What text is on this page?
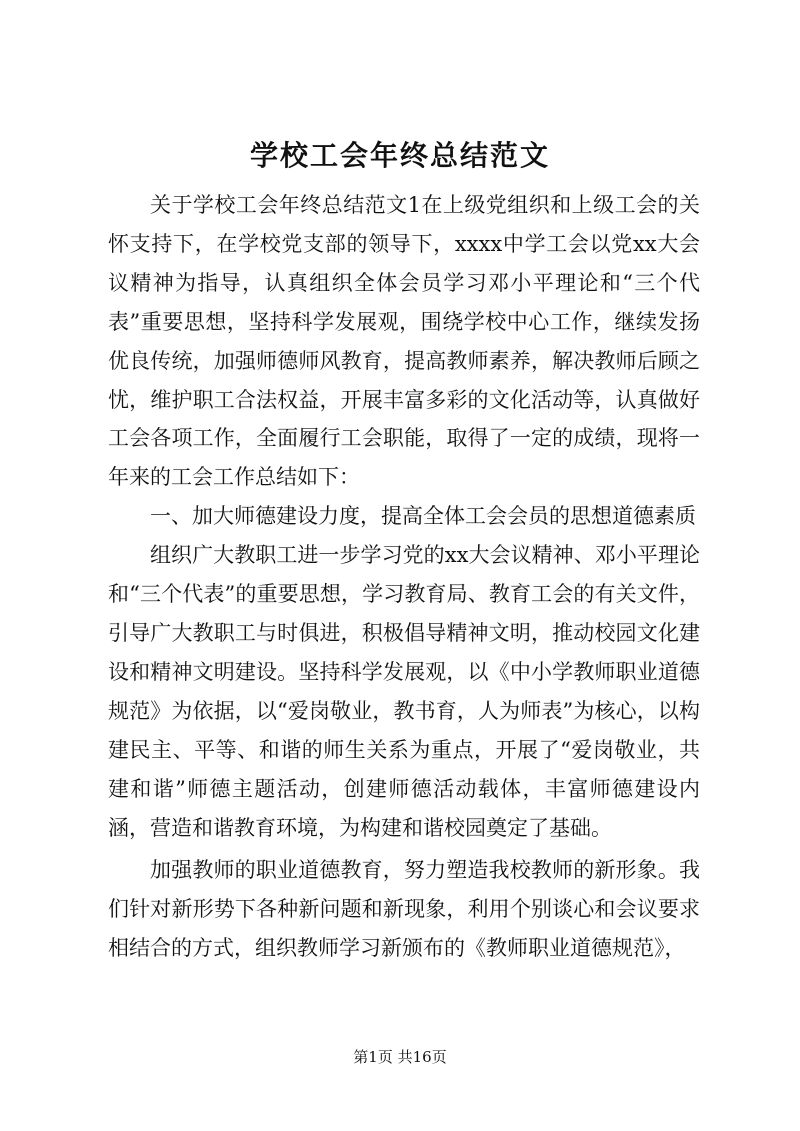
学校工会年终总结范文

关于学校工会年终总结范文1在上级党组织和上级工会的关怀支持下，在学校党支部的领导下，xxxx中学工会以党xx大会议精神为指导，认真组织全体会员学习邓小平理论和“三个代表”重要思想，坚持科学发展观，围绕学校中心工作，继续发扬优良传统，加强师德师风教育，提高教师素养，解决教师后顾之忧，维护职工合法权益，开展丰富多彩的文化活动等，认真做好工会各项工作，全面履行工会职能，取得了一定的成绩，现将一年来的工会工作总结如下：

一、加大师德建设力度，提高全体工会会员的思想道德素质

组织广大教职工进一步学习党的xx大会议精神、邓小平理论和“三个代表”的重要思想，学习教育局、教育工会的有关文件，引导广大教职工与时俱进，积极倡导精神文明，推动校园文化建设和精神文明建设。坚持科学发展观，以《中小学教师职业道德规范》为依据，以“爱岗敬业，教书育，人为师表”为核心，以构建民主、平等、和谐的师生关系为重点，开展了“爱岗敬业，共建和谐”师德主题活动，创建师德活动载体，丰富师德建设内涵，营造和谐教育环境，为构建和谐校园奠定了基础。

加强教师的职业道德教育，努力塑造我校教师的新形象。我们针对新形势下各种新问题和新现象，利用个别谈心和会议要求相结合的方式，组织教师学习新颁布的《教师职业道德规范》，

第1页 共16页
